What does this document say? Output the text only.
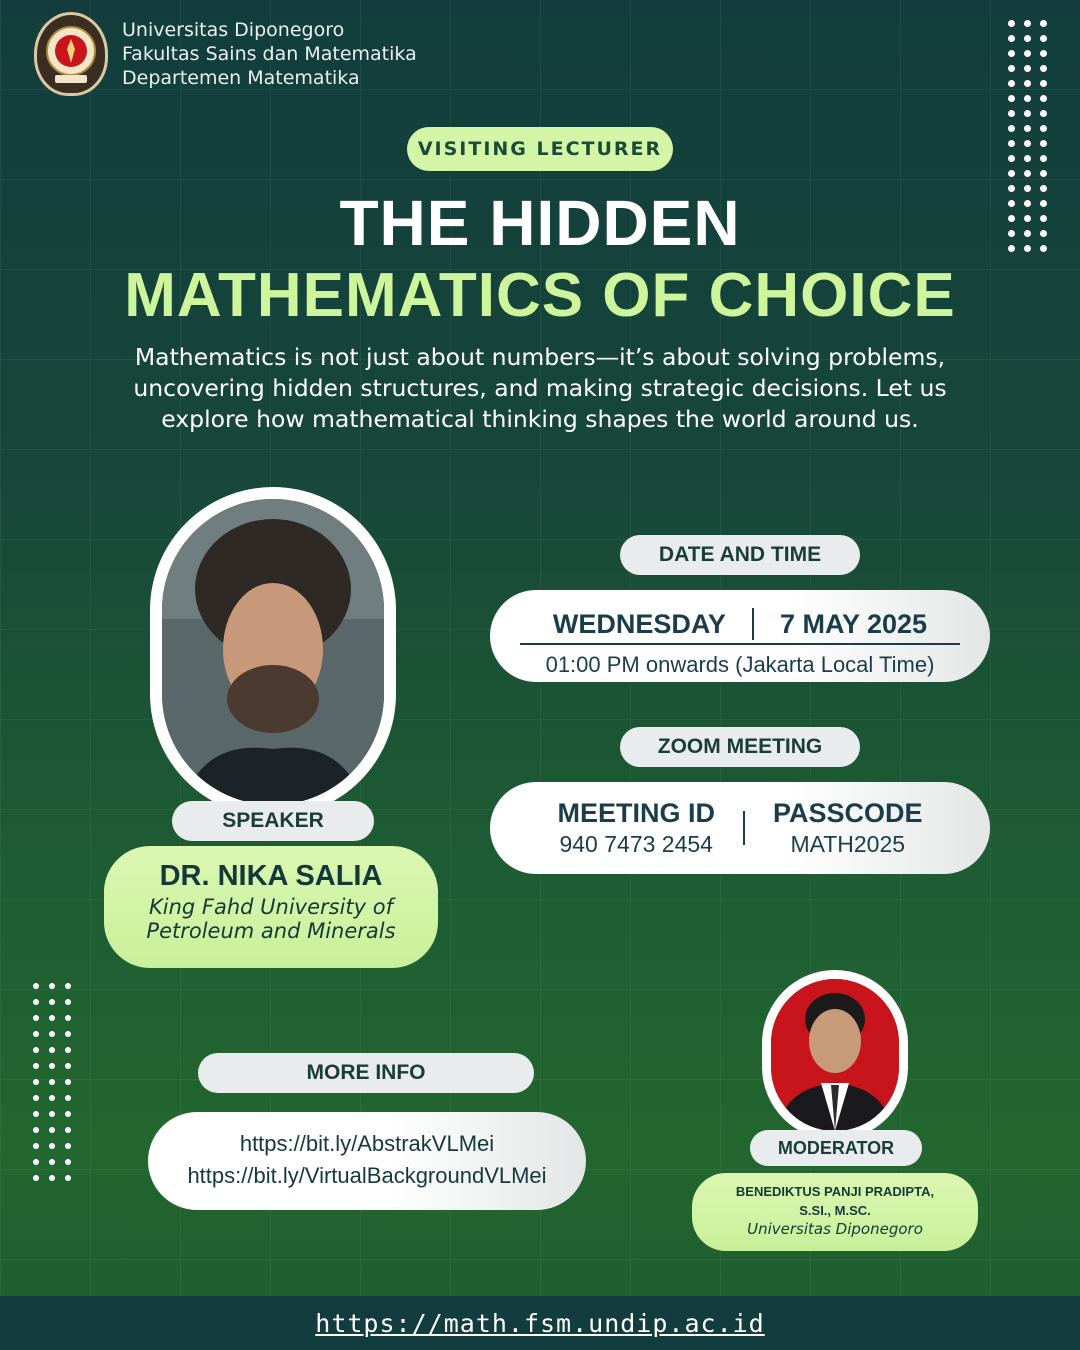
Universitas Diponegoro
Fakultas Sains dan Matematika
Departemen Matematika
VISITING LECTURER
THE HIDDEN
MATHEMATICS OF CHOICE
Mathematics is not just about numbers—it’s about solving problems, uncovering hidden structures, and making strategic decisions. Let us explore how mathematical thinking shapes the world around us.
SPEAKER
DR. NIKA SALIA
King Fahd University of
Petroleum and Minerals
DATE AND TIME
WEDNESDAY 7 MAY 2025
01:00 PM onwards (Jakarta Local Time)
ZOOM MEETING
MEETING ID
940 7473 2454
PASSCODE
MATH2025
MORE INFO
https://bit.ly/AbstrakVLMei
https://bit.ly/VirtualBackgroundVLMei
MODERATOR
BENEDIKTUS PANJI PRADIPTA,
S.SI., M.SC.
Universitas Diponegoro
https://math.fsm.undip.ac.id
